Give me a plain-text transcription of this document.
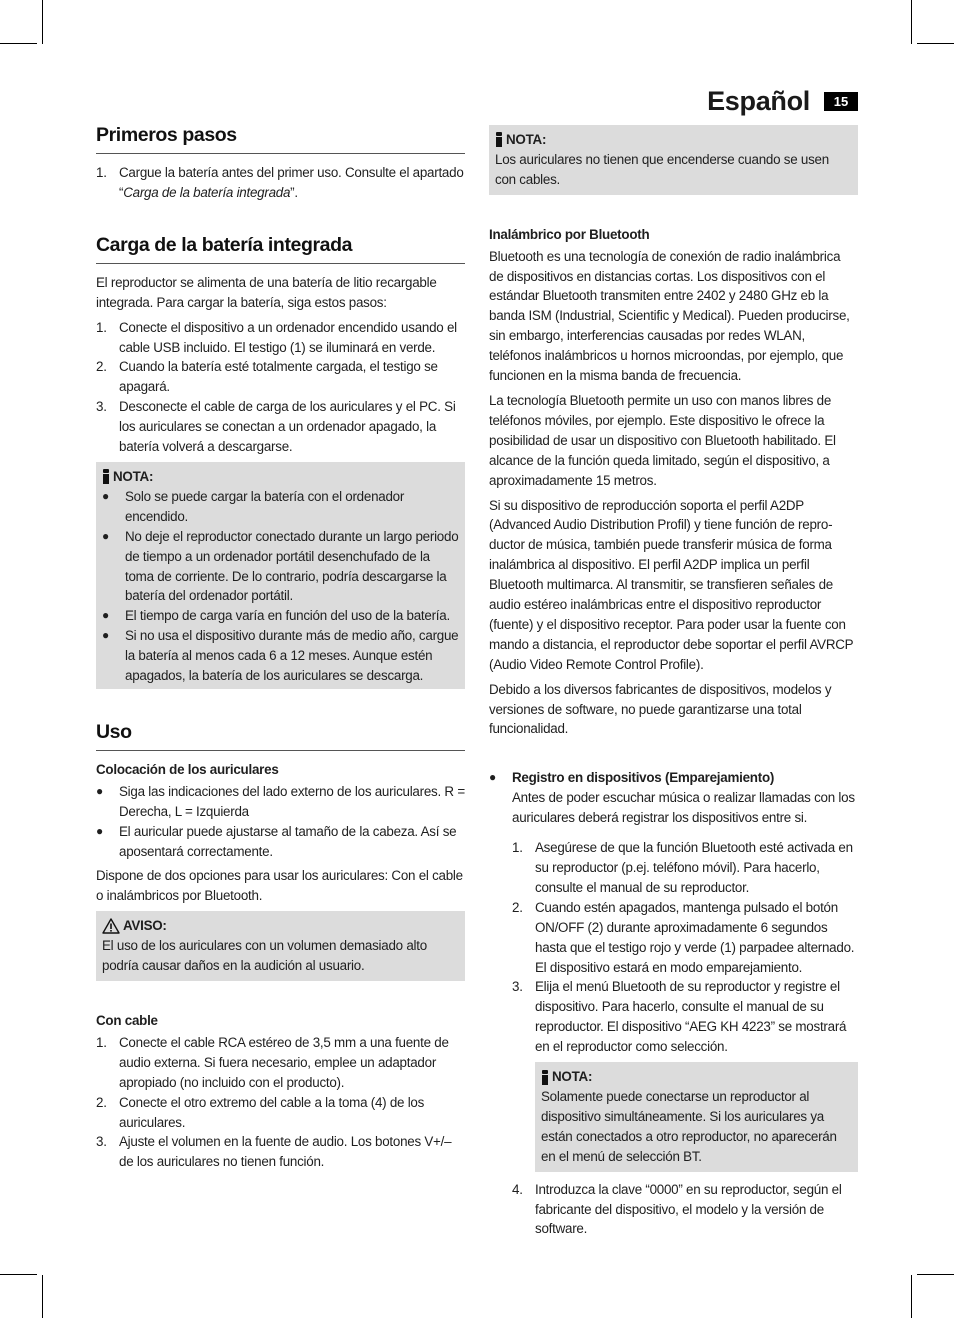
Español	15
Primeros pasos
1. Cargue la batería antes del primer uso. Consulte el apartado “Carga de la batería integrada”.
Carga de la batería integrada

El reproductor se alimenta de una batería de litio recargable integrada. Para cargar la batería, siga estos pasos:

1. Conecte el dispositivo a un ordenador encendido usando el cable USB incluido. El testigo (1) se iluminará en verde.
2. Cuando la batería esté totalmente cargada, el testigo se apagará.
3. Desconecte el cable de carga de los auriculares y el PC. Si los auriculares se conectan a un ordenador apagado, la batería volverá a descargarse.
NOTA:
●	Solo se puede cargar la batería con el ordenador encendido.
●	No deje el reproductor conectado durante un largo periodo de tiempo a un ordenador portátil desenchufado de la toma de corriente. De lo contrario, podría descargarse la batería del ordenador portátil.
●	El tiempo de carga varía en función del uso de la batería.
●	Si no usa el dispositivo durante más de medio año, cargue la batería al menos cada 6 a 12 meses. Aunque estén apagados, la batería de los auriculares se descarga.
Uso
Colocación de los auriculares
●	Siga las indicaciones del lado externo de los auriculares. R = Derecha, L = Izquierda
●	El auricular puede ajustarse al tamaño de la cabeza. Así se aposentará correctamente.

Dispone de dos opciones para usar los auriculares: Con el cable o inalámbricos por Bluetooth.

AVISO:
El uso de los auriculares con un volumen demasiado alto podría causar daños en la audición al usuario.
Con cable
1. Conecte el cable RCA estéreo de 3,5 mm a una fuente de audio externa. Si fuera necesario, emplee un adaptador apropiado (no incluido con el producto).
2. Conecte el otro extremo del cable a la toma (4) de los auriculares.
3. Ajuste el volumen en la fuente de audio. Los botones V+/– de los auriculares no tienen función.
NOTA:
Los auriculares no tienen que encenderse cuando se usen con cables.
Inalámbrico por Bluetooth

Bluetooth es una tecnología de conexión de radio inalámbrica de dispositivos en distancias cortas. Los dispositivos con el estándar Bluetooth transmiten entre 2402 y 2480 GHz eb la banda ISM (Industrial, Scientific y Medical). Pueden producirse, sin embargo, interferencias causadas por redes WLAN, teléfonos inalámbricos u hornos microondas, por ejemplo, que funcionen en la misma banda de frecuencia.

La tecnología Bluetooth permite un uso con manos libres de teléfonos móviles, por ejemplo. Este dispositivo le ofrece la posibilidad de usar un dispositivo con Bluetooth habilitado. El alcance de la función queda limitado, según el dispositivo, a aproximadamente 15 metros.

Si su dispositivo de reproducción soporta el perfil A2DP (Advanced Audio Distribution Profil) y tiene función de reproductor de música, también puede transferir música de forma inalámbrica al dispositivo. El perfil A2DP implica un perfil Bluetooth multimarca. Al transmitir, se transfieren señales de audio estéreo inalámbricas entre el dispositivo reproductor (fuente) y el dispositivo receptor. Para poder usar la fuente con mando a distancia, el reproductor debe soportar el perfil AVRCP (Audio Video Remote Control Profile).

Debido a los diversos fabricantes de dispositivos, modelos y versiones de software, no puede garantizarse una total funcionalidad.

●	Registro en dispositivos (Emparejamiento)

Antes de poder escuchar música o realizar llamadas con los auriculares deberá registrar los dispositivos entre si.

1. Asegúrese de que la función Bluetooth esté activada en su reproductor (p.ej. teléfono móvil). Para hacerlo, consulte el manual de su reproductor.
2. Cuando estén apagados, mantenga pulsado el botón ON/OFF (2) durante aproximadamente 6 segundos hasta que el testigo rojo y verde (1) parpadee alternado. El dispositivo estará en modo emparejamiento.
3. Elija el menú Bluetooth de su reproductor y registre el dispositivo. Para hacerlo, consulte el manual de su reproductor. El dispositivo “AEG KH 4223” se mostrará en el reproductor como selección.
NOTA:
Solamente puede conectarse un reproductor al dispositivo simultáneamente. Si los auriculares ya están conectados a otro reproductor, no aparecerán en el menú de selección BT.
4. Introduzca la clave “0000” en su reproductor, según el fabricante del dispositivo, el modelo y la versión de software.
